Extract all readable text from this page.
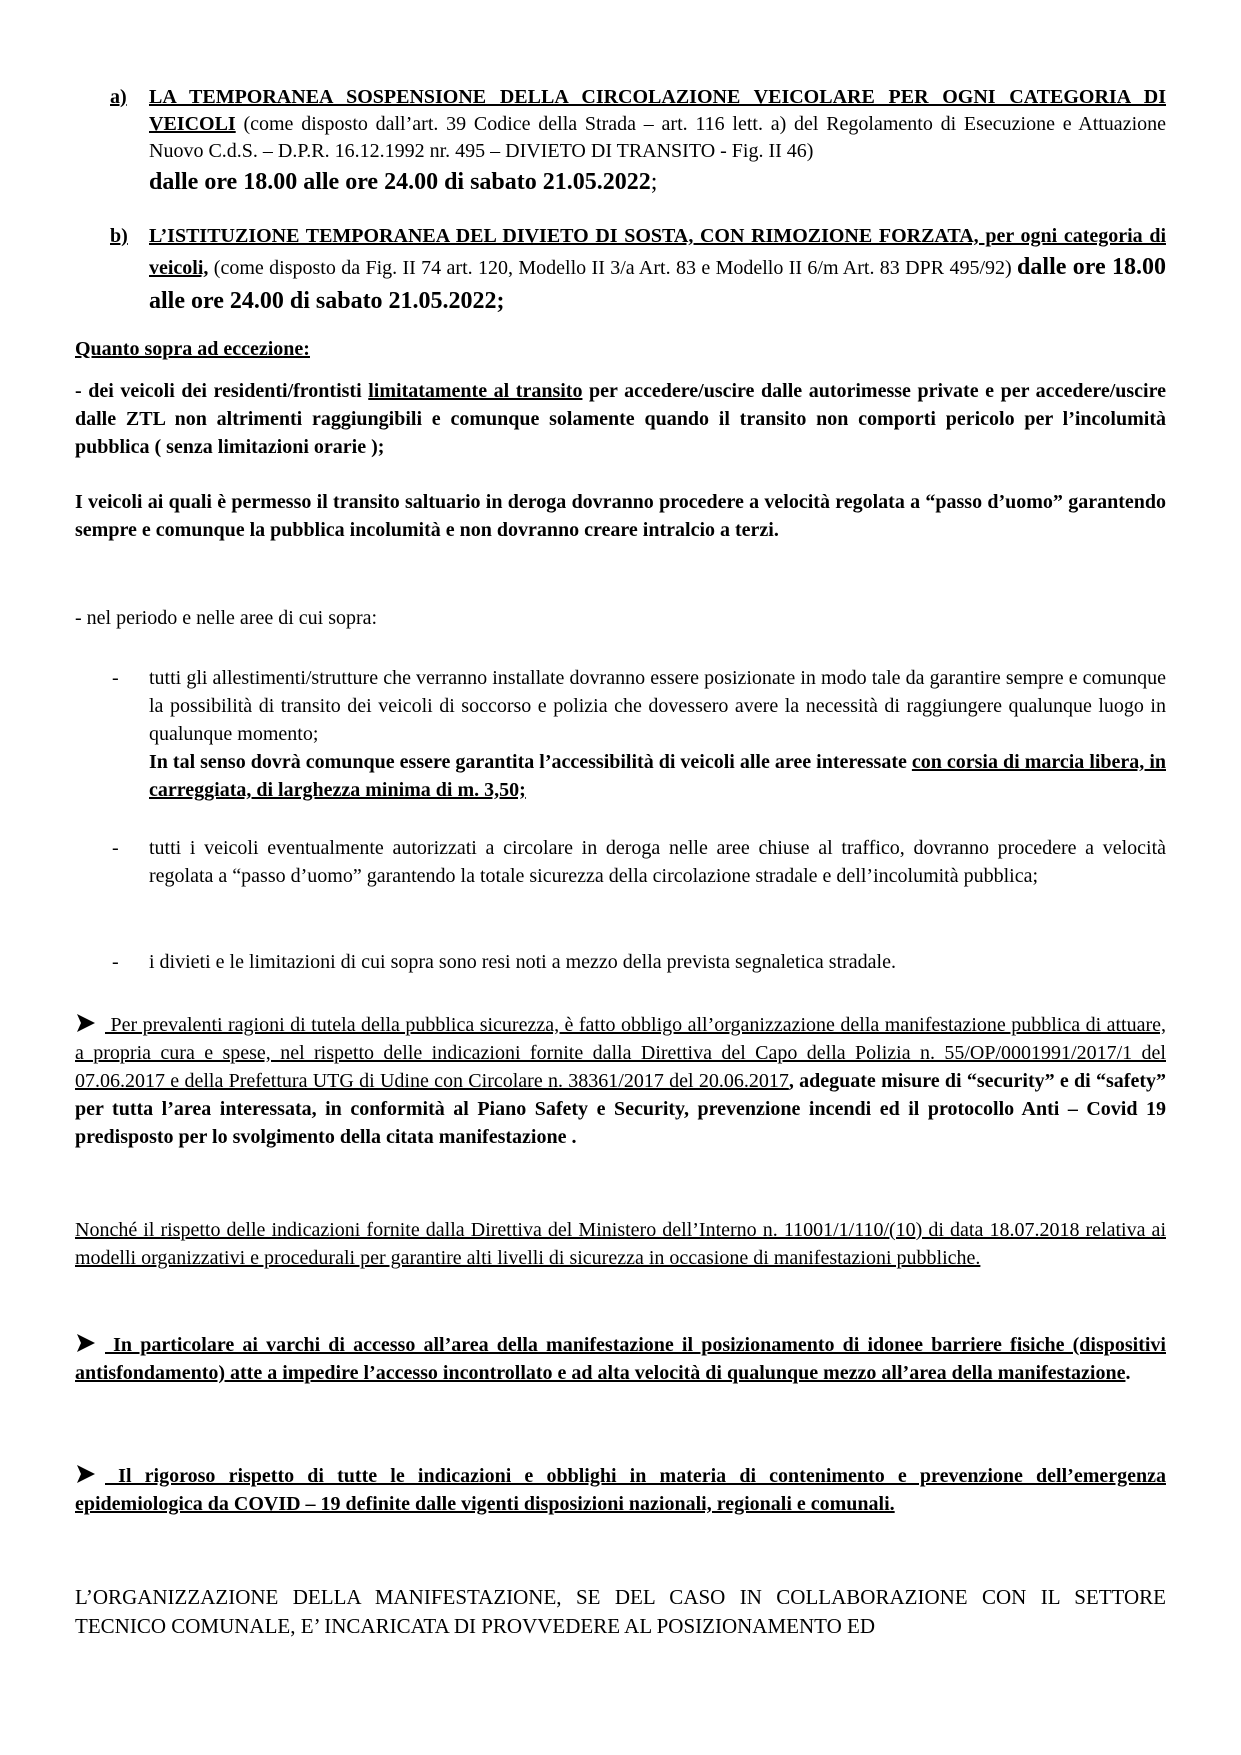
a) LA TEMPORANEA SOSPENSIONE DELLA CIRCOLAZIONE VEICOLARE PER OGNI CATEGORIA DI VEICOLI (come disposto dall’art. 39 Codice della Strada – art. 116 lett. a) del Regolamento di Esecuzione e Attuazione Nuovo C.d.S. – D.P.R. 16.12.1992 nr. 495 – DIVIETO DI TRANSITO - Fig. II 46)
dalle ore 18.00 alle ore 24.00 di sabato 21.05.2022;
b) L’ISTITUZIONE TEMPORANEA DEL DIVIETO DI SOSTA, CON RIMOZIONE FORZATA, per ogni categoria di veicoli, (come disposto da Fig. II 74 art. 120, Modello II 3/a Art. 83 e Modello II 6/m Art. 83 DPR 495/92) dalle ore 18.00 alle ore 24.00 di sabato 21.05.2022;

Quanto sopra ad eccezione:

- dei veicoli dei residenti/frontisti limitatamente al transito per accedere/uscire dalle autorimesse private e per accedere/uscire dalle ZTL non altrimenti raggiungibili e comunque solamente quando il transito non comporti pericolo per l’incolumità pubblica ( senza limitazioni orarie );
I veicoli ai quali è permesso il transito saltuario in deroga dovranno procedere a velocità regolata a “passo d’uomo” garantendo sempre e comunque la pubblica incolumità e non dovranno creare intralcio a terzi.
- nel periodo e nelle aree di cui sopra:
- tutti gli allestimenti/strutture che verranno installate dovranno essere posizionate in modo tale da garantire sempre e comunque la possibilità di transito dei veicoli di soccorso e polizia che dovessero avere la necessità di raggiungere qualunque luogo in qualunque momento;
In tal senso dovrà comunque essere garantita l’accessibilità di veicoli alle aree interessate con corsia di marcia libera, in carreggiata, di larghezza minima di m. 3,50;
- tutti i veicoli eventualmente autorizzati a circolare in deroga nelle aree chiuse al traffico, dovranno procedere a velocità regolata a “passo d’uomo” garantendo la totale sicurezza della circolazione stradale e dell’incolumità pubblica;
- i divieti e le limitazioni di cui sopra sono resi noti a mezzo della prevista segnaletica stradale.
Per prevalenti ragioni di tutela della pubblica sicurezza, è fatto obbligo all’organizzazione della manifestazione pubblica di attuare, a propria cura e spese, nel rispetto delle indicazioni fornite dalla Direttiva del Capo della Polizia n. 55/OP/0001991/2017/1 del 07.06.2017 e della Prefettura UTG di Udine con Circolare n. 38361/2017 del 20.06.2017, adeguate misure di “security” e di “safety” per tutta l’area interessata, in conformità al Piano Safety e Security, prevenzione incendi ed il protocollo Anti – Covid 19 predisposto per lo svolgimento della citata manifestazione .
Nonché il rispetto delle indicazioni fornite dalla Direttiva del Ministero dell’Interno n. 11001/1/110/(10) di data 18.07.2018 relativa ai modelli organizzativi e procedurali per garantire alti livelli di sicurezza in occasione di manifestazioni pubbliche.
In particolare ai varchi di accesso all’area della manifestazione il posizionamento di idonee barriere fisiche (dispositivi antisfondamento) atte a impedire l’accesso incontrollato e ad alta velocità di qualunque mezzo all’area della manifestazione.
Il rigoroso rispetto di tutte le indicazioni e obblighi in materia di contenimento e prevenzione dell’emergenza epidemiologica da COVID – 19 definite dalle vigenti disposizioni nazionali, regionali e comunali.
L’ORGANIZZAZIONE DELLA MANIFESTAZIONE, SE DEL CASO IN COLLABORAZIONE CON IL SETTORE TECNICO COMUNALE, E’ INCARICATA DI PROVVEDERE AL POSIZIONAMENTO ED
